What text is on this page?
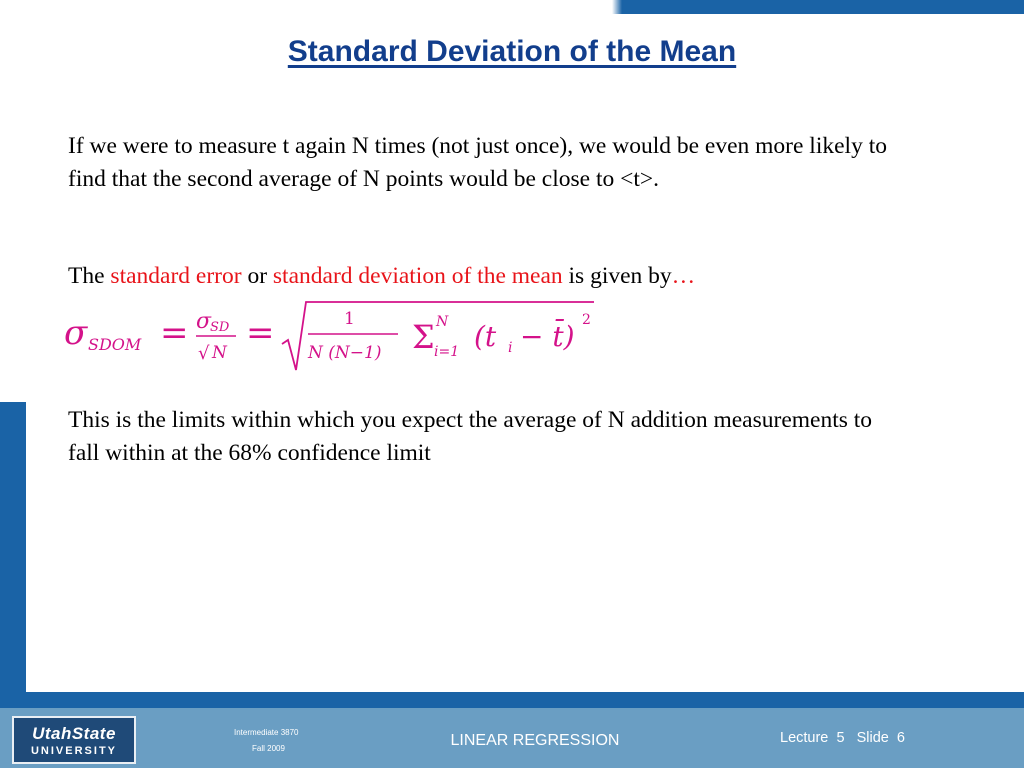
Standard Deviation of the Mean
If we were to measure t again N times (not just once), we would be even more likely to find that the second average of N points would be close to <t>.
The standard error or standard deviation of the mean is given by…
σ SDOM = σ
SD
√ N =	1
N (N−1) Σ N
i=1 (t i − t̄) 2
This is the limits within which you expect the average of N addition measurements to fall within at the 68% confidence limit
UtahState
UNIVERSITY
Intermediate 3870
Fall 2009	LINEAR REGRESSION	Lecture 5 Slide 6
